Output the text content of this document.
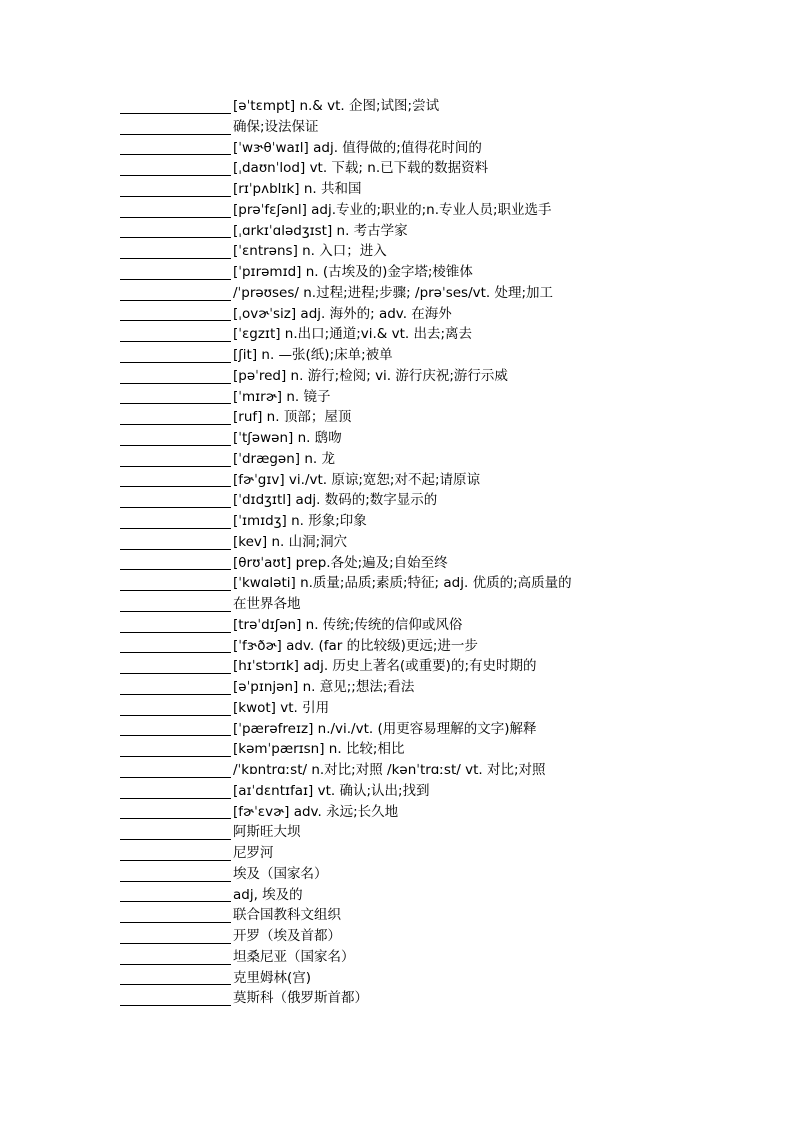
[əˈtɛmpt] n.& vt. 企图;试图;尝试
确保;设法保证
[ˈwɝθˈwaɪl] adj. 值得做的;值得花时间的
[ˌdaʊnˈlod] vt. 下载; n.已下载的数据资料
[rɪˈpʌblɪk] n. 共和国
[prəˈfɛʃənl] adj.专业的;职业的;n.专业人员;职业选手
[ˌɑrkɪˈɑlədʒɪst] n. 考古学家
[ˈɛntrəns] n. 入口；进入
[ˈpɪrəmɪd] n. (古埃及的)金字塔;棱锥体
/ˈprəʊses/ n.过程;进程;步骤; /prəˈses/vt. 处理;加工
[ˌovɚˈsiz] adj. 海外的; adv. 在海外
[ˈɛgzɪt] n.出口;通道;vi.& vt. 出去;离去
[ʃit] n. —张(纸);床单;被单
[pəˈred] n. 游行;检阅; vi. 游行庆祝;游行示威
[ˈmɪrɚ] n. 镜子
[ruf] n. 顶部；屋顶
[ˈtʃəwən] n. 鸱吻
[ˈdrægən] n. 龙
[fɚˈgɪv] vi./vt. 原谅;宽恕;对不起;请原谅
[ˈdɪdʒɪtl] adj. 数码的;数字显示的
[ˈɪmɪdʒ] n. 形象;印象
[kev] n. 山洞;洞穴
[θrʊˈaʊt] prep.各处;遍及;自始至终
[ˈkwɑləti] n.质量;品质;素质;特征; adj. 优质的;高质量的
在世界各地
[trəˈdɪʃən] n. 传统;传统的信仰或风俗
[ˈfɝðɚ] adv. (far 的比较级)更远;进一步
[hɪˈstɔrɪk] adj. 历史上著名(或重要)的;有史时期的
[əˈpɪnjən] n. 意见;;想法;看法
[kwot] vt. 引用
[ˈpærəfreɪz] n./vi./vt. (用更容易理解的文字)解释
[kəmˈpærɪsn] n. 比较;相比
/ˈkɒntrɑːst/ n.对比;对照 /kənˈtrɑːst/ vt. 对比;对照
[aɪˈdɛntɪfaɪ] vt. 确认;认出;找到
[fɚˈɛvɚ] adv. 永远;长久地
阿斯旺大坝
尼罗河
埃及（国家名）
adj, 埃及的
联合国教科文组织
开罗（埃及首都）
坦桑尼亚（国家名）
克里姆林(宫)
莫斯科（俄罗斯首都）
